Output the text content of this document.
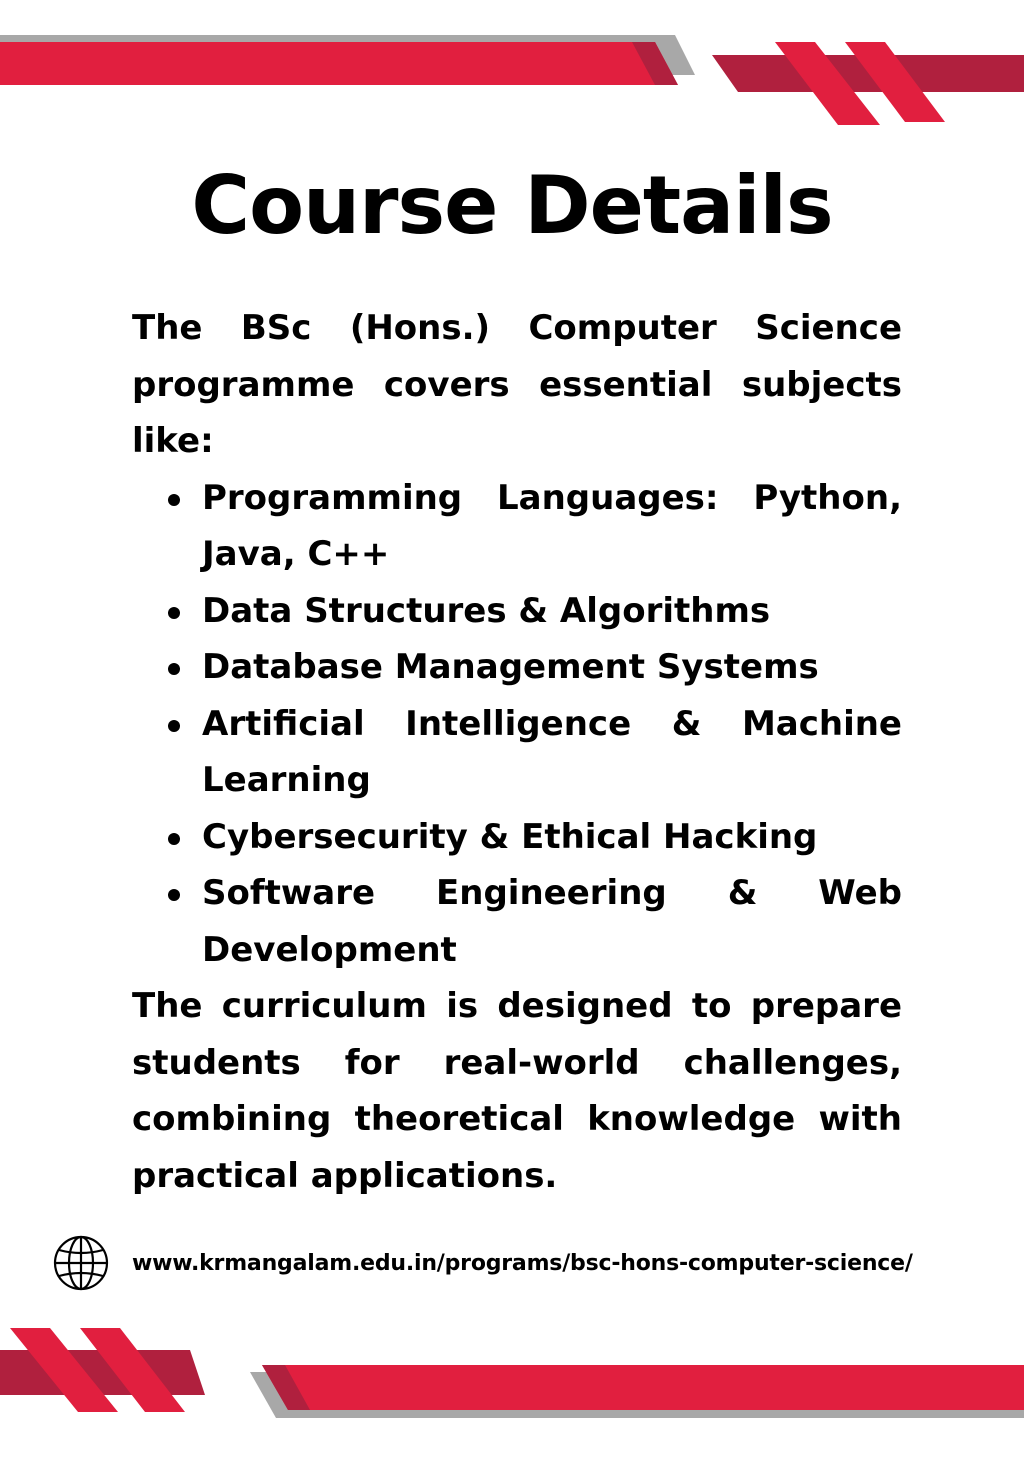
Course Details

The BSc (Hons.) Computer Science programme covers essential subjects like:

Programming Languages: Python, Java, C++
Data Structures & Algorithms
Database Management Systems
Artificial Intelligence & Machine Learning
Cybersecurity & Ethical Hacking
Software Engineering & Web Development

The curriculum is designed to prepare students for real-world challenges, combining theoretical knowledge with practical applications.

www.krmangalam.edu.in/programs/bsc-hons-computer-science/
